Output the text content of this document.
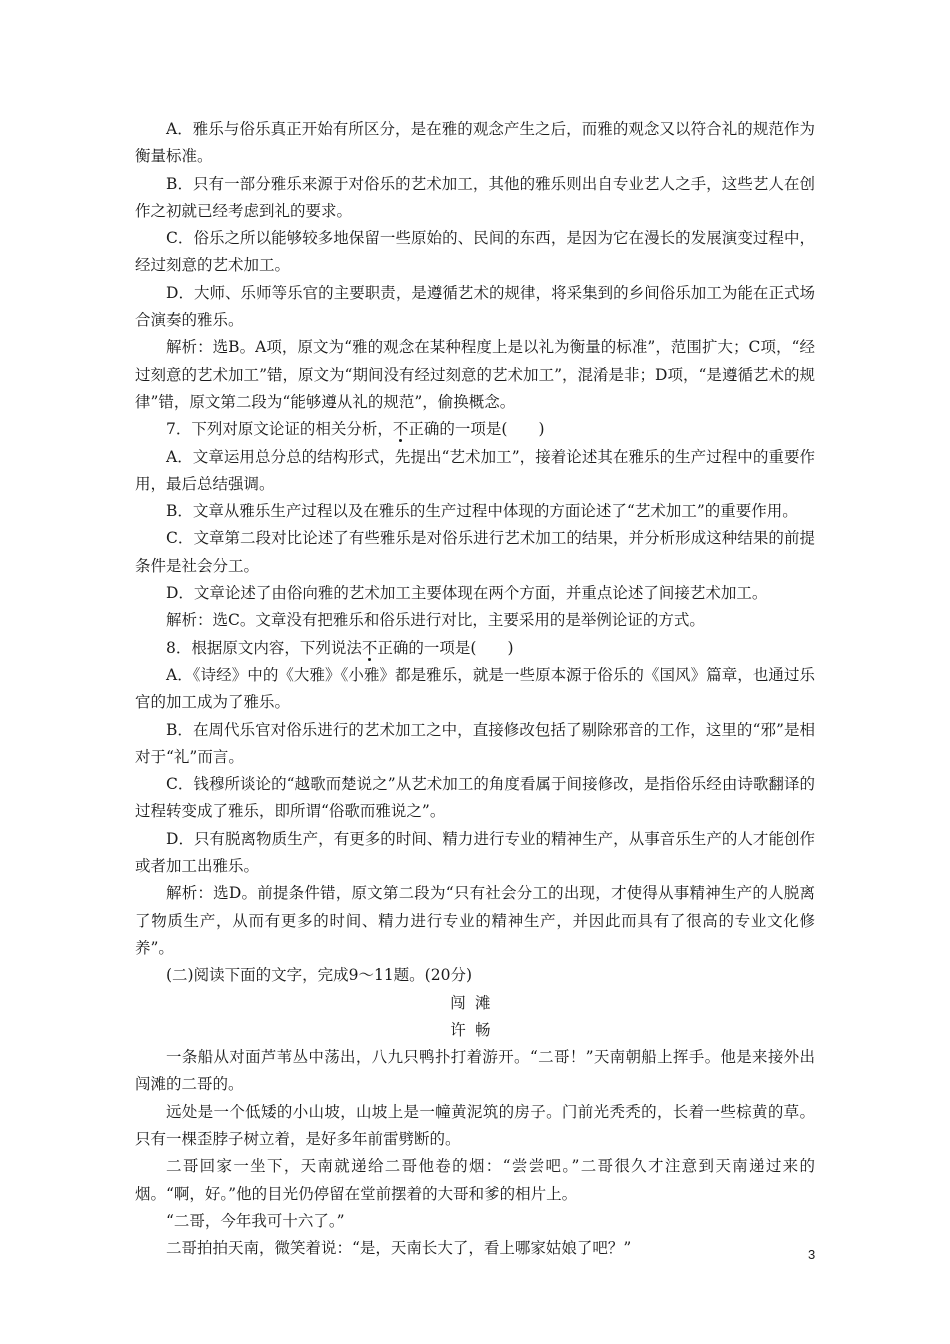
A．雅乐与俗乐真正开始有所区分，是在雅的观念产生之后，而雅的观念又以符合礼的规范作为衡量标准。

B．只有一部分雅乐来源于对俗乐的艺术加工，其他的雅乐则出自专业艺人之手，这些艺人在创作之初就已经考虑到礼的要求。

C．俗乐之所以能够较多地保留一些原始的、民间的东西，是因为它在漫长的发展演变过程中，经过刻意的艺术加工。

D．大师、乐师等乐官的主要职责，是遵循艺术的规律，将采集到的乡间俗乐加工为能在正式场合演奏的雅乐。

解析：选B。A项，原文为“雅的观念在某种程度上是以礼为衡量的标准”，范围扩大；C项，“经过刻意的艺术加工”错，原文为“期间没有经过刻意的艺术加工”，混淆是非；D项，“是遵循艺术的规律”错，原文第二段为“能够遵从礼的规范”，偷换概念。

7．下列对原文论证的相关分析，不正确的一项是(　　)

A．文章运用总分总的结构形式，先提出“艺术加工”，接着论述其在雅乐的生产过程中的重要作用，最后总结强调。

B．文章从雅乐生产过程以及在雅乐的生产过程中体现的方面论述了“艺术加工”的重要作用。

C．文章第二段对比论述了有些雅乐是对俗乐进行艺术加工的结果，并分析形成这种结果的前提条件是社会分工。

D．文章论述了由俗向雅的艺术加工主要体现在两个方面，并重点论述了间接艺术加工。

解析：选C。文章没有把雅乐和俗乐进行对比，主要采用的是举例论证的方式。

8．根据原文内容，下列说法不正确的一项是(　　)

A．《诗经》中的《大雅》《小雅》都是雅乐，就是一些原本源于俗乐的《国风》篇章，也通过乐官的加工成为了雅乐。

B．在周代乐官对俗乐进行的艺术加工之中，直接修改包括了剔除邪音的工作，这里的“邪”是相对于“礼”而言。

C．钱穆所谈论的“越歌而楚说之”从艺术加工的角度看属于间接修改，是指俗乐经由诗歌翻译的过程转变成了雅乐，即所谓“俗歌而雅说之”。

D．只有脱离物质生产，有更多的时间、精力进行专业的精神生产，从事音乐生产的人才能创作或者加工出雅乐。

解析：选D。前提条件错，原文第二段为“只有社会分工的出现，才使得从事精神生产的人脱离了物质生产，从而有更多的时间、精力进行专业的精神生产，并因此而具有了很高的专业文化修养”。

(二)阅读下面的文字，完成9～11题。(20分)

闯滩

许畅

一条船从对面芦苇丛中荡出，八九只鸭扑打着游开。“二哥！”天南朝船上挥手。他是来接外出闯滩的二哥的。

远处是一个低矮的小山坡，山坡上是一幢黄泥筑的房子。门前光秃秃的，长着一些棕黄的草。只有一棵歪脖子树立着，是好多年前雷劈断的。

二哥回家一坐下，天南就递给二哥他卷的烟：“尝尝吧。”二哥很久才注意到天南递过来的烟。“啊，好。”他的目光仍停留在堂前摆着的大哥和爹的相片上。

“二哥，今年我可十六了。”

二哥拍拍天南，微笑着说：“是，天南长大了，看上哪家姑娘了吧？”	3
